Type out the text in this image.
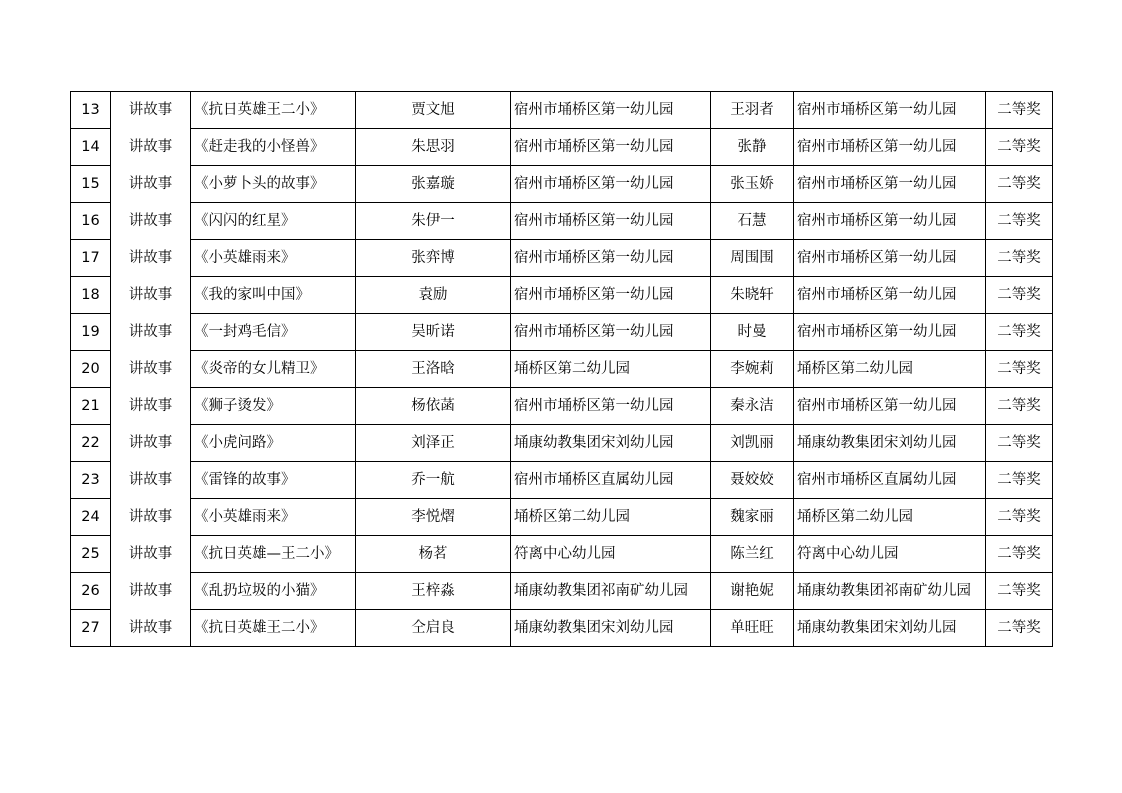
13	讲故事	《抗日英雄王二小》	贾文旭	宿州市埇桥区第一幼儿园	王羽者	宿州市埇桥区第一幼儿园	二等奖
14	讲故事	《赶走我的小怪兽》	朱思羽	宿州市埇桥区第一幼儿园	张静	宿州市埇桥区第一幼儿园	二等奖
15	讲故事	《小萝卜头的故事》	张嘉璇	宿州市埇桥区第一幼儿园	张玉娇	宿州市埇桥区第一幼儿园	二等奖
16	讲故事	《闪闪的红星》	朱伊一	宿州市埇桥区第一幼儿园	石慧	宿州市埇桥区第一幼儿园	二等奖
17	讲故事	《小英雄雨来》	张弈博	宿州市埇桥区第一幼儿园	周围围	宿州市埇桥区第一幼儿园	二等奖
18	讲故事	《我的家叫中国》	袁励	宿州市埇桥区第一幼儿园	朱晓轩	宿州市埇桥区第一幼儿园	二等奖
19	讲故事	《一封鸡毛信》	吴昕诺	宿州市埇桥区第一幼儿园	时曼	宿州市埇桥区第一幼儿园	二等奖
20	讲故事	《炎帝的女儿精卫》	王洛晗	埇桥区第二幼儿园	李婉莉	埇桥区第二幼儿园	二等奖
21	讲故事	《狮子烫发》	杨依菡	宿州市埇桥区第一幼儿园	秦永洁	宿州市埇桥区第一幼儿园	二等奖
22	讲故事	《小虎问路》	刘泽正	埇康幼教集团宋刘幼儿园	刘凯丽	埇康幼教集团宋刘幼儿园	二等奖
23	讲故事	《雷锋的故事》	乔一航	宿州市埇桥区直属幼儿园	聂姣姣	宿州市埇桥区直属幼儿园	二等奖
24	讲故事	《小英雄雨来》	李悦熠	埇桥区第二幼儿园	魏家丽	埇桥区第二幼儿园	二等奖
25	讲故事	《抗日英雄—王二小》	杨茗	符离中心幼儿园	陈兰红	符离中心幼儿园	二等奖
26	讲故事	《乱扔垃圾的小猫》	王梓淼	埇康幼教集团祁南矿幼儿园	谢艳妮	埇康幼教集团祁南矿幼儿园	二等奖
27	讲故事	《抗日英雄王二小》	仝启良	埇康幼教集团宋刘幼儿园	单旺旺	埇康幼教集团宋刘幼儿园	二等奖
